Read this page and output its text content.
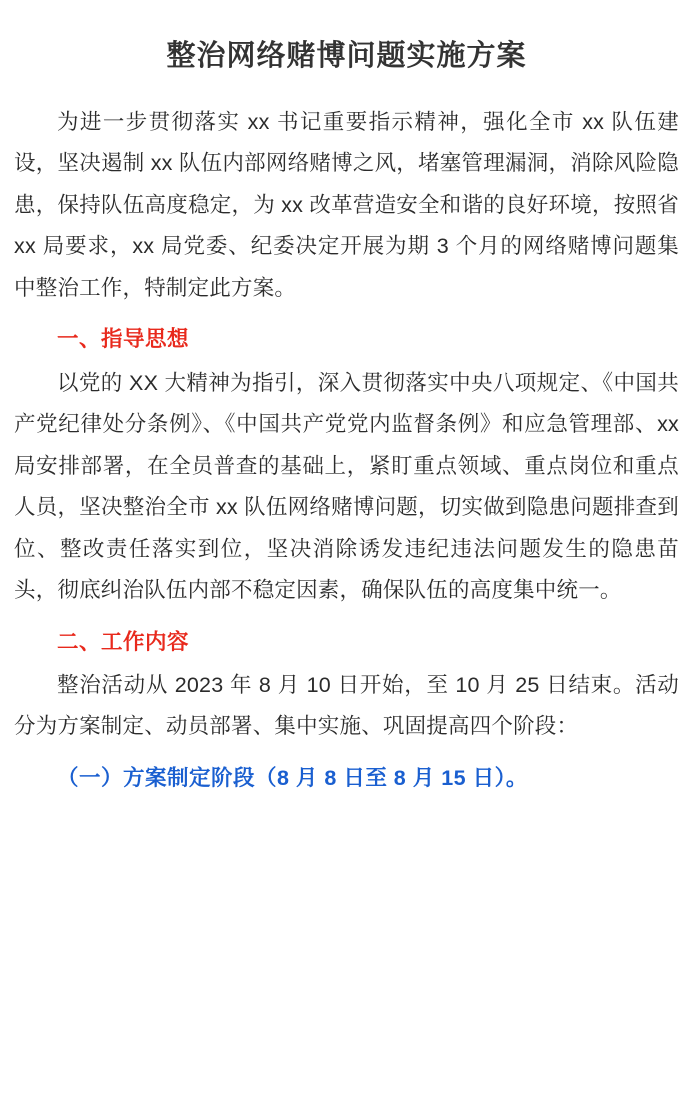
整治网络赌博问题实施方案

为进一步贯彻落实 xx 书记重要指示精神，强化全市 xx 队伍建设，坚决遏制 xx 队伍内部网络赌博之风，堵塞管理漏洞，消除风险隐患，保持队伍高度稳定，为 xx 改革营造安全和谐的良好环境，按照省 xx 局要求，xx 局党委、纪委决定开展为期 3 个月的网络赌博问题集中整治工作，特制定此方案。

一、指导思想

以党的 XX 大精神为指引，深入贯彻落实中央八项规定、《中国共产党纪律处分条例》、《中国共产党党内监督条例》和应急管理部、xx 局安排部署，在全员普查的基础上，紧盯重点领域、重点岗位和重点人员，坚决整治全市 xx 队伍网络赌博问题，切实做到隐患问题排查到位、整改责任落实到位，坚决消除诱发违纪违法问题发生的隐患苗头，彻底纠治队伍内部不稳定因素，确保队伍的高度集中统一。

二、工作内容

整治活动从 2023 年 8 月 10 日开始，至 10 月 25 日结束。活动分为方案制定、动员部署、集中实施、巩固提高四个阶段：

（一）方案制定阶段（8 月 8 日至 8 月 15 日）。
